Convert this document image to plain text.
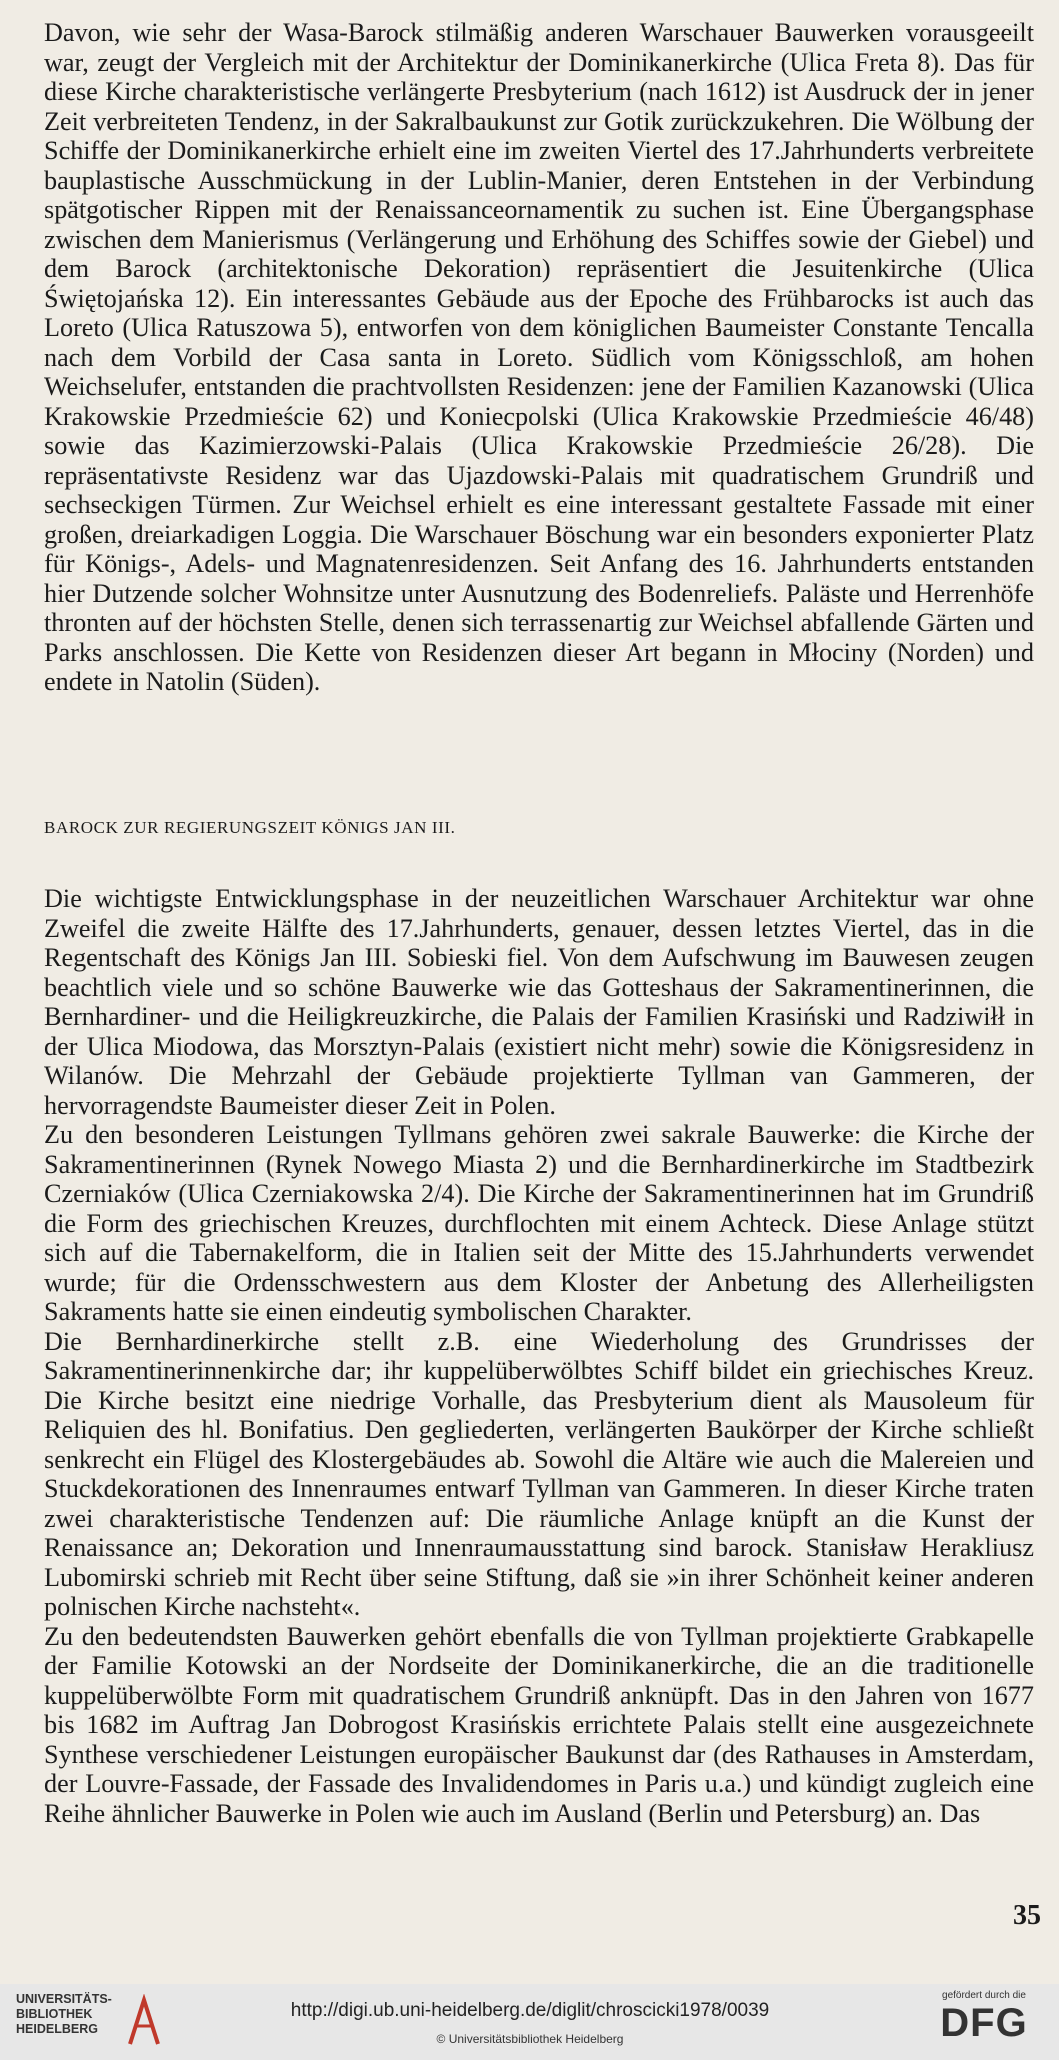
Davon, wie sehr der Wasa-Barock stilmäßig anderen Warschauer Bauwerken vorausgeeilt war, zeugt der Vergleich mit der Architektur der Dominikanerkirche (Ulica Freta 8). Das für diese Kirche charakteristische verlängerte Presbyterium (nach 1612) ist Ausdruck der in jener Zeit verbreiteten Tendenz, in der Sakralbaukunst zur Gotik zurückzukehren. Die Wölbung der Schiffe der Dominikanerkirche erhielt eine im zweiten Viertel des 17.Jahrhunderts verbreitete bauplastische Ausschmückung in der Lublin-Manier, deren Entstehen in der Verbindung spätgotischer Rippen mit der Renaissanceornamentik zu suchen ist. Eine Übergangsphase zwischen dem Manierismus (Verlängerung und Erhöhung des Schiffes sowie der Giebel) und dem Barock (architektonische Dekoration) repräsentiert die Jesuitenkirche (Ulica Świętojańska 12). Ein interessantes Gebäude aus der Epoche des Frühbarocks ist auch das Loreto (Ulica Ratuszowa 5), entworfen von dem königlichen Baumeister Constante Tencalla nach dem Vorbild der Casa santa in Loreto. Südlich vom Königsschloß, am hohen Weichselufer, entstanden die prachtvollsten Residenzen: jene der Familien Kazanowski (Ulica Krakowskie Przedmieście 62) und Koniecpolski (Ulica Krakowskie Przedmieście 46/48) sowie das Kazimierzowski-Palais (Ulica Krakowskie Przedmieście 26/28). Die repräsentativste Residenz war das Ujazdowski-Palais mit quadratischem Grundriß und sechseckigen Türmen. Zur Weichsel erhielt es eine interessant gestaltete Fassade mit einer großen, dreiarkadigen Loggia. Die Warschauer Böschung war ein besonders exponierter Platz für Königs-, Adels- und Magnatenresidenzen. Seit Anfang des 16. Jahrhunderts entstanden hier Dutzende solcher Wohnsitze unter Ausnutzung des Bodenreliefs. Paläste und Herrenhöfe thronten auf der höchsten Stelle, denen sich terrassenartig zur Weichsel abfallende Gärten und Parks anschlossen. Die Kette von Residenzen dieser Art begann in Młociny (Norden) und endete in Natolin (Süden).

BAROCK ZUR REGIERUNGSZEIT KÖNIGS JAN III.

Die wichtigste Entwicklungsphase in der neuzeitlichen Warschauer Architektur war ohne Zweifel die zweite Hälfte des 17.Jahrhunderts, genauer, dessen letztes Viertel, das in die Regentschaft des Königs Jan III. Sobieski fiel. Von dem Aufschwung im Bauwesen zeugen beachtlich viele und so schöne Bauwerke wie das Gotteshaus der Sakramentinerinnen, die Bernhardiner- und die Heiligkreuzkirche, die Palais der Familien Krasiński und Radziwiłł in der Ulica Miodowa, das Morsztyn-Palais (existiert nicht mehr) sowie die Königsresidenz in Wilanów. Die Mehrzahl der Gebäude projektierte Tyllman van Gammeren, der hervorragendste Baumeister dieser Zeit in Polen.

Zu den besonderen Leistungen Tyllmans gehören zwei sakrale Bauwerke: die Kirche der Sakramentinerinnen (Rynek Nowego Miasta 2) und die Bernhardinerkirche im Stadtbezirk Czerniaków (Ulica Czerniakowska 2/4). Die Kirche der Sakramentinerinnen hat im Grundriß die Form des griechischen Kreuzes, durchflochten mit einem Achteck. Diese Anlage stützt sich auf die Tabernakelform, die in Italien seit der Mitte des 15.Jahrhunderts verwendet wurde; für die Ordensschwestern aus dem Kloster der Anbetung des Allerheiligsten Sakraments hatte sie einen eindeutig symbolischen Charakter.

Die Bernhardinerkirche stellt z.B. eine Wiederholung des Grundrisses der Sakramentinerinnenkirche dar; ihr kuppelüberwölbtes Schiff bildet ein griechisches Kreuz. Die Kirche besitzt eine niedrige Vorhalle, das Presbyterium dient als Mausoleum für Reliquien des hl. Bonifatius. Den gegliederten, verlängerten Baukörper der Kirche schließt senkrecht ein Flügel des Klostergebäudes ab. Sowohl die Altäre wie auch die Malereien und Stuckdekorationen des Innenraumes entwarf Tyllman van Gammeren. In dieser Kirche traten zwei charakteristische Tendenzen auf: Die räumliche Anlage knüpft an die Kunst der Renaissance an; Dekoration und Innenraumausstattung sind barock. Stanisław Herakliusz Lubomirski schrieb mit Recht über seine Stiftung, daß sie »in ihrer Schönheit keiner anderen polnischen Kirche nachsteht«.

Zu den bedeutendsten Bauwerken gehört ebenfalls die von Tyllman projektierte Grabkapelle der Familie Kotowski an der Nordseite der Dominikanerkirche, die an die traditionelle kuppelüberwölbte Form mit quadratischem Grundriß anknüpft. Das in den Jahren von 1677 bis 1682 im Auftrag Jan Dobrogost Krasińskis errichtete Palais stellt eine ausgezeichnete Synthese verschiedener Leistungen europäischer Baukunst dar (des Rathauses in Amsterdam, der Louvre-Fassade, der Fassade des Invalidendomes in Paris u.a.) und kündigt zugleich eine Reihe ähnlicher Bauwerke in Polen wie auch im Ausland (Berlin und Petersburg) an. Das

35
UNIVERSITÄTS-
BIBLIOTHEK
HEIDELBERG
http://digi.ub.uni-heidelberg.de/diglit/chroscicki1978/0039
© Universitätsbibliothek Heidelberg
gefördert durch die
DFG
